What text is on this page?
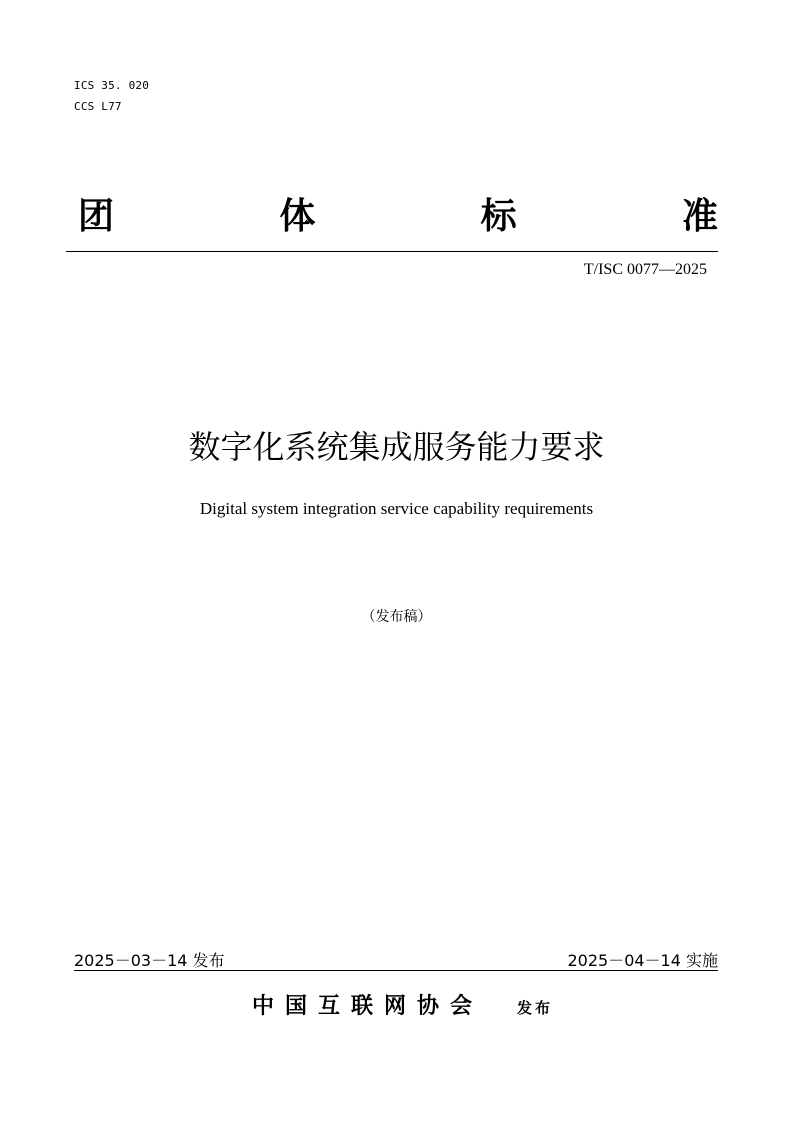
ICS 35. 020
CCS L77
团	体	标	准
T/ISC 0077—2025
数字化系统集成服务能力要求
Digital system integration service capability requirements
（发布稿）
2025－03－14 发布	2025－04－14 实施
中国互联网协会 发布
